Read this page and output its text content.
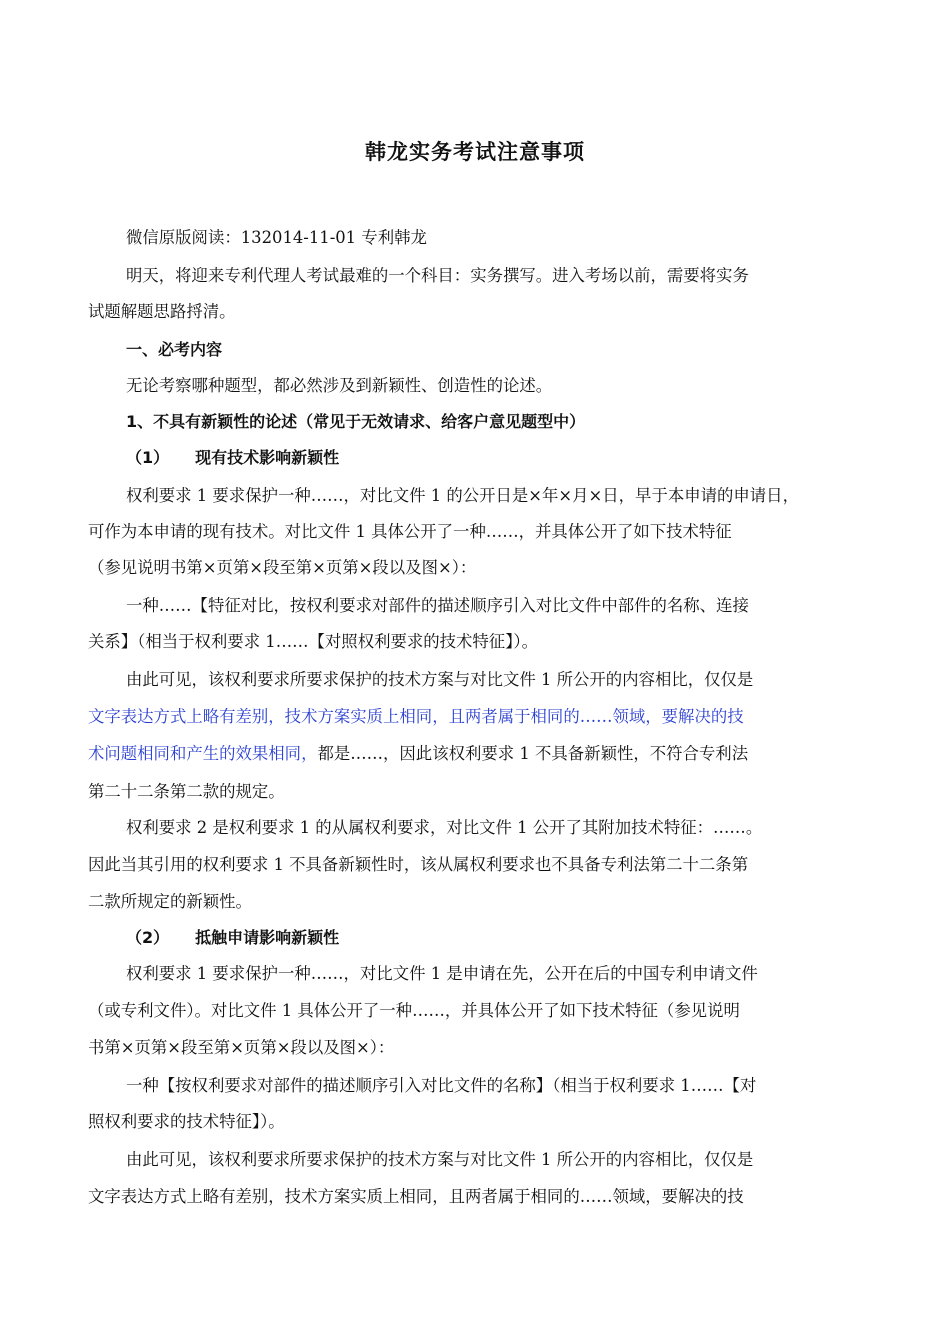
韩龙实务考试注意事项
微信原版阅读：132014-11-01 专利韩龙
明天，将迎来专利代理人考试最难的一个科目：实务撰写。进入考场以前，需要将实务
试题解题思路捋清。
一、必考内容
无论考察哪种题型，都必然涉及到新颖性、创造性的论述。
1、不具有新颖性的论述（常见于无效请求、给客户意见题型中）
（1） 现有技术影响新颖性
权利要求 1 要求保护一种……，对比文件 1 的公开日是×年×月×日，早于本申请的申请日，
可作为本申请的现有技术。对比文件 1 具体公开了一种……，并具体公开了如下技术特征
（参见说明书第×页第×段至第×页第×段以及图×）：
一种……【特征对比，按权利要求对部件的描述顺序引入对比文件中部件的名称、连接
关系】（相当于权利要求 1……【对照权利要求的技术特征】）。
由此可见，该权利要求所要求保护的技术方案与对比文件 1 所公开的内容相比，仅仅是
文字表达方式上略有差别，技术方案实质上相同，且两者属于相同的……领域，要解决的技
术问题相同和产生的效果相同，都是……，因此该权利要求 1 不具备新颖性，不符合专利法
第二十二条第二款的规定。
权利要求 2 是权利要求 1 的从属权利要求，对比文件 1 公开了其附加技术特征：……。
因此当其引用的权利要求 1 不具备新颖性时，该从属权利要求也不具备专利法第二十二条第
二款所规定的新颖性。
（2） 抵触申请影响新颖性
权利要求 1 要求保护一种……，对比文件 1 是申请在先，公开在后的中国专利申请文件
（或专利文件）。对比文件 1 具体公开了一种……，并具体公开了如下技术特征（参见说明
书第×页第×段至第×页第×段以及图×）：
一种【按权利要求对部件的描述顺序引入对比文件的名称】（相当于权利要求 1……【对
照权利要求的技术特征】）。
由此可见，该权利要求所要求保护的技术方案与对比文件 1 所公开的内容相比，仅仅是
文字表达方式上略有差别，技术方案实质上相同，且两者属于相同的……领域，要解决的技
